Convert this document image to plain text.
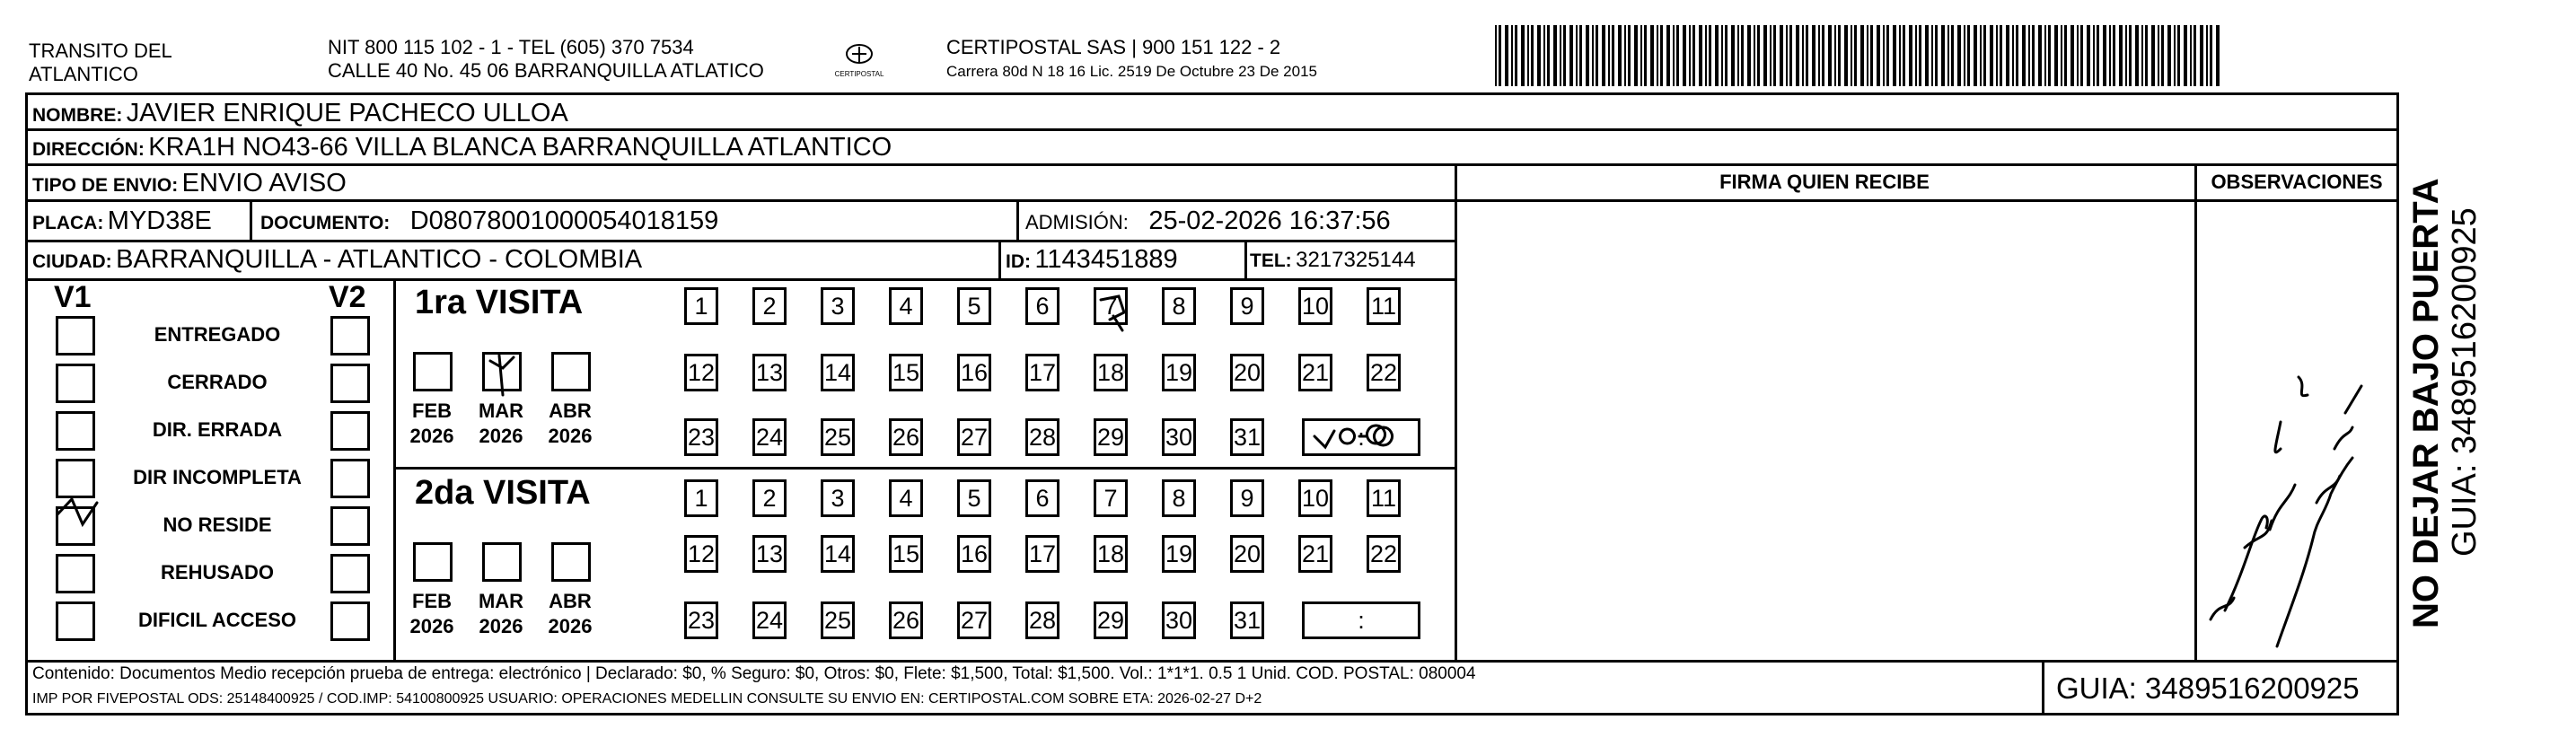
TRANSITO DEL
ATLANTICO
NIT 800 115 102 - 1 - TEL (605) 370 7534
CALLE 40 No. 45 06 BARRANQUILLA ATLATICO	CERTIPOSTAL
CERTIPOSTAL SAS | 900 151 122 - 2
Carrera 80d N 18 16 Lic. 2519 De Octubre 23 De 2015
NOMBRE: JAVIER ENRIQUE PACHECO ULLOA
DIRECCIÓN: KRA1H NO43-66 VILLA BLANCA BARRANQUILLA ATLANTICO
TIPO DE ENVIO: ENVIO AVISO
PLACA: MYD38E	DOCUMENTO: D08078001000054018159	ADMISIÓN: 25-02-2026 16:37:56
CIUDAD: BARRANQUILLA - ATLANTICO - COLOMBIA	ID: 1143451889	TEL: 3217325144
FIRMA QUIEN RECIBE	OBSERVACIONES
V1	V2
ENTREGADO
CERRADO
DIR. ERRADA
DIR INCOMPLETA
NO RESIDE
REHUSADO
DIFICIL ACCESO
1ra VISITA
2da VISITA
FEB
2026
MAR
2026
ABR
2026
FEB
2026
MAR
2026
ABR
2026
1	2	3	4	5	6	7	8	9	10 11
12 13 14 15 16 17 18 19 20 21 22
23 24 25 26 27 28 29 30 31	:
1	2	3	4	5	6	7	8	9	10 11
12 13 14 15 16 17 18 19 20 21 22
23 24 25 26 27 28 29 30 31	:
Contenido: Documentos Medio recepción prueba de entrega: electrónico | Declarado: $0, % Seguro: $0, Otros: $0, Flete: $1,500, Total: $1,500. Vol.: 1*1*1. 0.5 1 Unid. COD. POSTAL: 080004
IMP POR FIVEPOSTAL ODS: 25148400925 / COD.IMP: 54100800925 USUARIO: OPERACIONES MEDELLIN CONSULTE SU ENVIO EN: CERTIPOSTAL.COM SOBRE ETA: 2026-02-27 D+2	GUIA: 3489516200925
NO DEJAR BAJO PUERTA GUIA: 3489516200925
